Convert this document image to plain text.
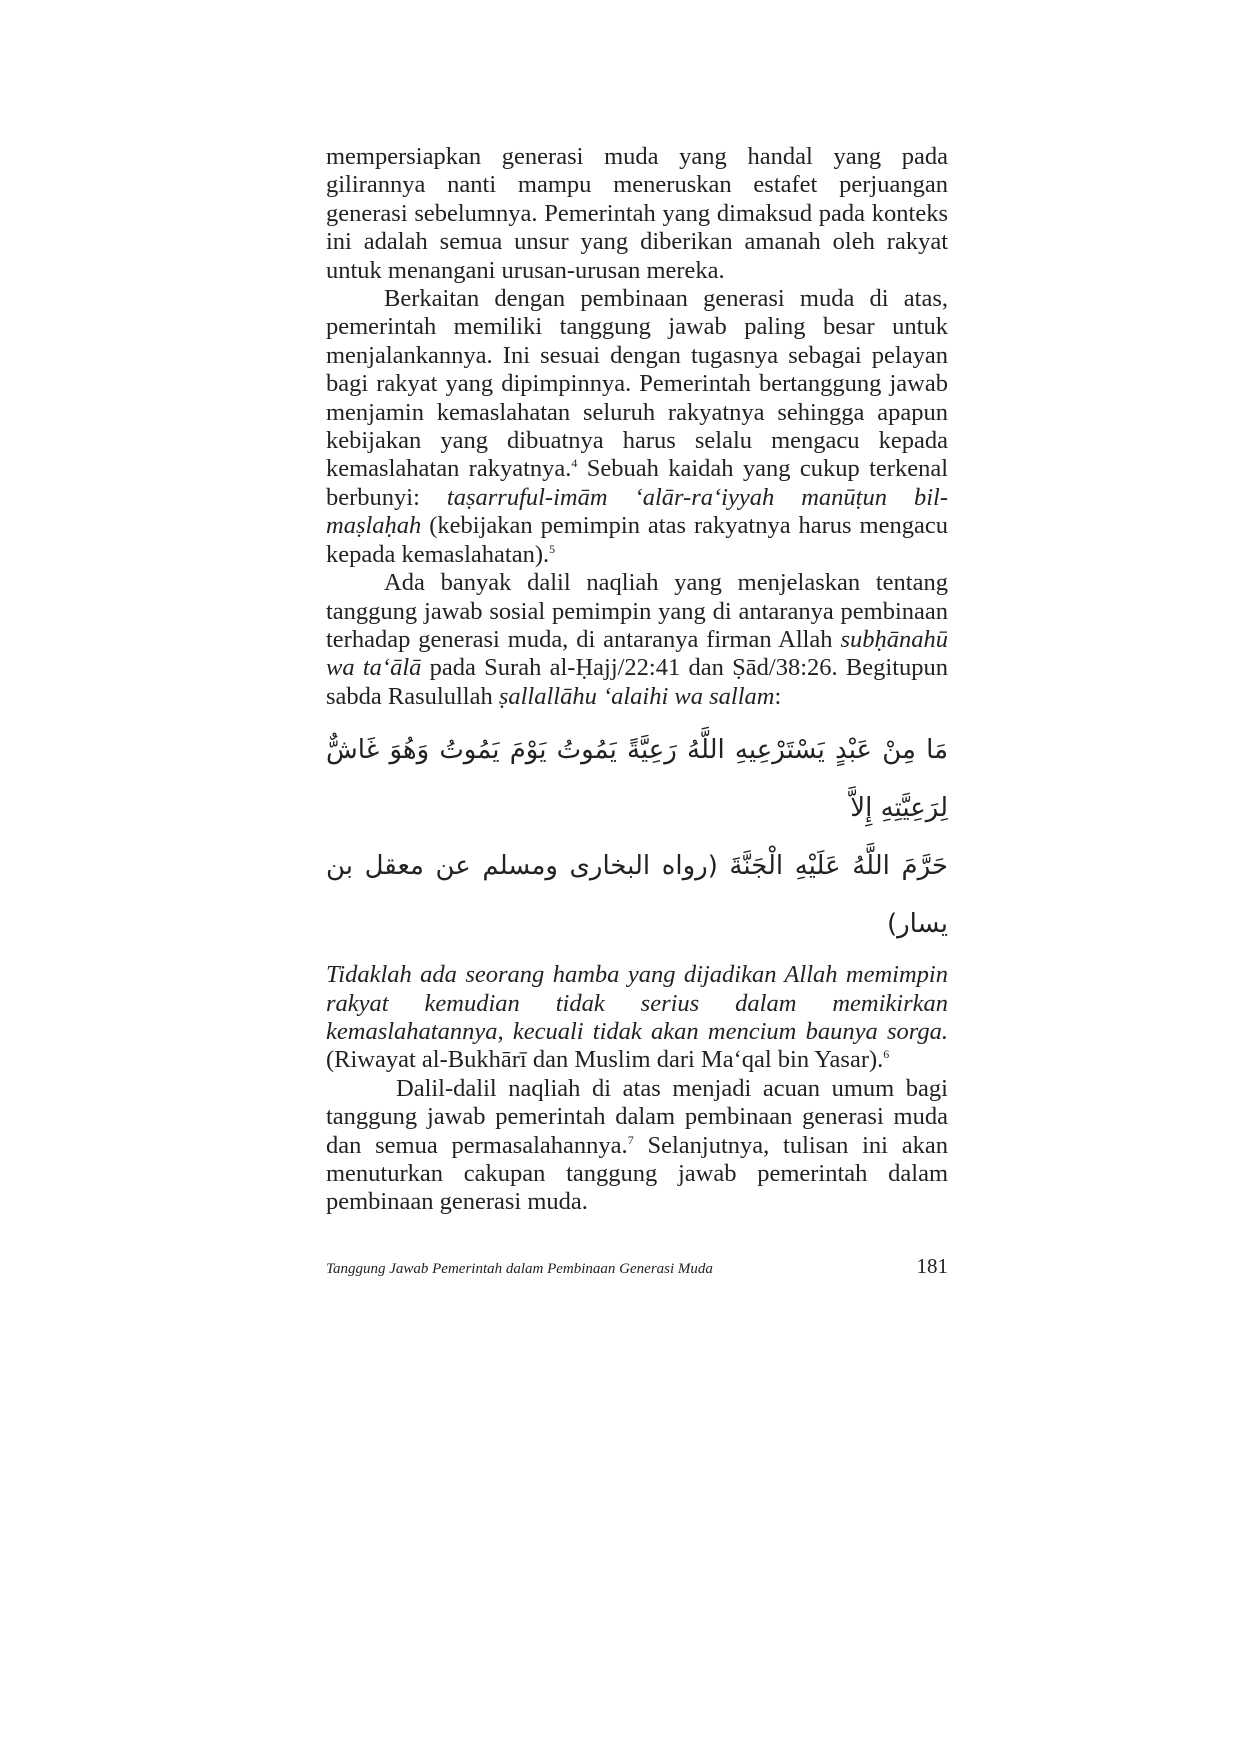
mempersiapkan generasi muda yang handal yang pada gilirannya nanti mampu meneruskan estafet perjuangan generasi sebelumnya. Pemerintah yang dimaksud pada konteks ini adalah semua unsur yang diberikan amanah oleh rakyat untuk menangani urusan-urusan mereka.

Berkaitan dengan pembinaan generasi muda di atas, pemerintah memiliki tanggung jawab paling besar untuk menjalankannya. Ini sesuai dengan tugasnya sebagai pelayan bagi rakyat yang dipimpinnya. Pemerintah bertanggung jawab menjamin kemaslahatan seluruh rakyatnya sehingga apapun kebijakan yang dibuatnya harus selalu mengacu kepada kemaslahatan rakyatnya.$^4$ Sebuah kaidah yang cukup terkenal berbunyi: taṣarruful-imām ‘alār-ra‘iyyah manūṭun bil-maṣlaḥah (kebijakan pemimpin atas rakyatnya harus mengacu kepada kemaslahatan).$^5$

Ada banyak dalil naqliah yang menjelaskan tentang tanggung jawab sosial pemimpin yang di antaranya pembinaan terhadap generasi muda, di antaranya firman Allah subḥānahū wa ta‘ālā pada Surah al-Ḥajj/22:41 dan Ṣād/38:26. Begitupun sabda Rasulullah ṣallallāhu ‘alaihi wa sallam:

مَا مِنْ عَبْدٍ يَسْتَرْعِيهِ اللَّهُ رَعِيَّةً يَمُوتُ يَوْمَ يَمُوتُ وَهُوَ غَاشٌّ لِرَعِيَّتِهِ إِلاَّ
حَرَّمَ اللَّهُ عَلَيْهِ الْجَنَّةَ (رواه البخارى ومسلم عن معقل بن يسار)

Tidaklah ada seorang hamba yang dijadikan Allah memimpin rakyat kemudian tidak serius dalam memikirkan kemaslahatannya, kecuali tidak akan mencium baunya sorga. (Riwayat al-Bukhārī dan Muslim dari Ma‘qal bin Yasar).$^6$

Dalil-dalil naqliah di atas menjadi acuan umum bagi tanggung jawab pemerintah dalam pembinaan generasi muda dan semua permasalahannya.$^7$ Selanjutnya, tulisan ini akan menuturkan cakupan tanggung jawab pemerintah dalam pembinaan generasi muda.

Tanggung Jawab Pemerintah dalam Pembinaan Generasi Muda	181
